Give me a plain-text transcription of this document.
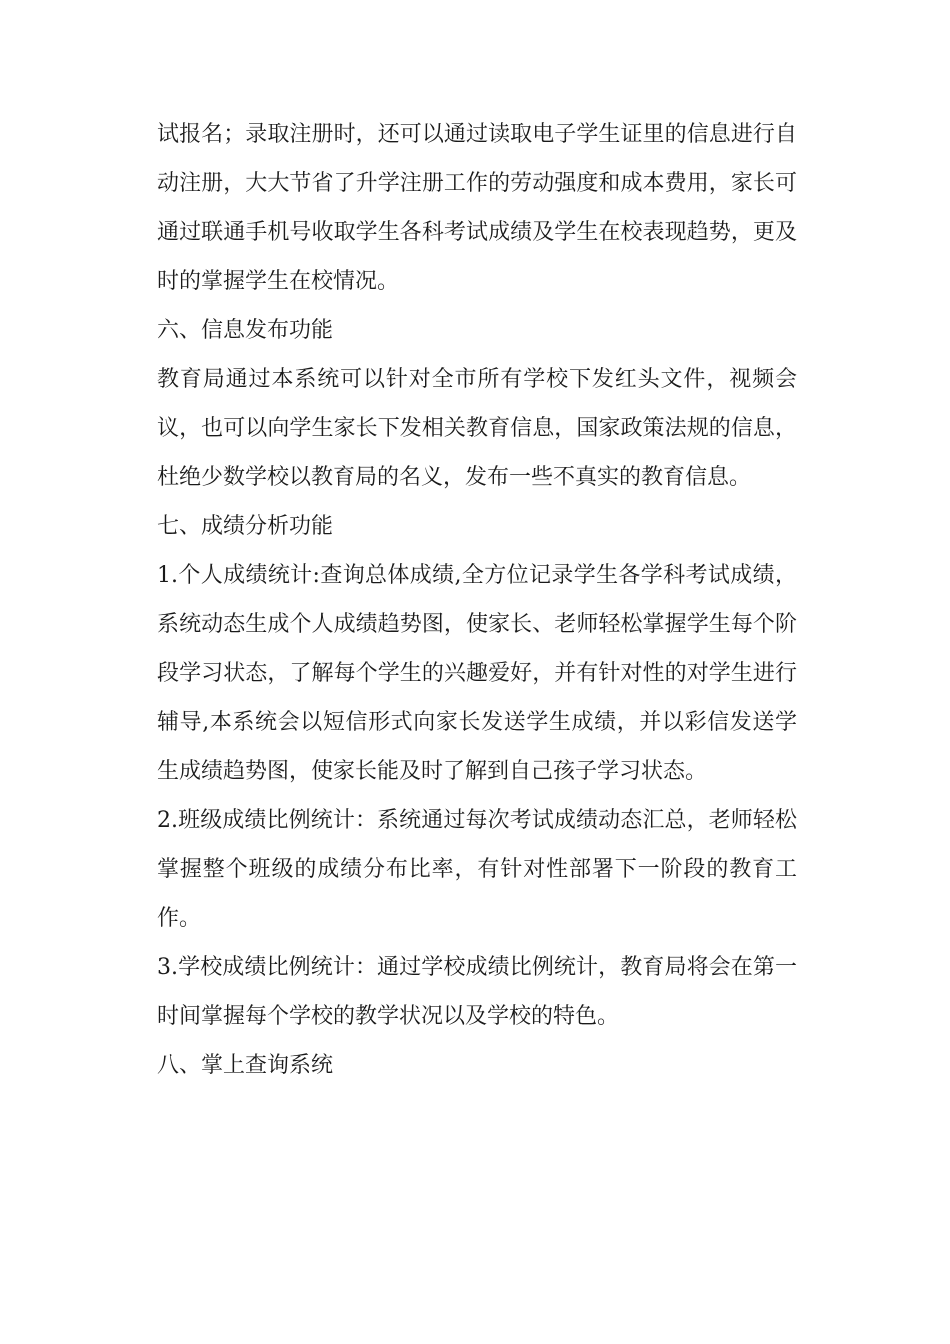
试报名；录取注册时，还可以通过读取电子学生证里的信息进行自动注册，大大节省了升学注册工作的劳动强度和成本费用，家长可通过联通手机号收取学生各科考试成绩及学生在校表现趋势，更及时的掌握学生在校情况。

六、信息发布功能

教育局通过本系统可以针对全市所有学校下发红头文件，视频会议，也可以向学生家长下发相关教育信息，国家政策法规的信息，杜绝少数学校以教育局的名义，发布一些不真实的教育信息。

七、成绩分析功能

1.个人成绩统计:查询总体成绩,全方位记录学生各学科考试成绩，系统动态生成个人成绩趋势图，使家长、老师轻松掌握学生每个阶段学习状态，了解每个学生的兴趣爱好，并有针对性的对学生进行辅导,本系统会以短信形式向家长发送学生成绩，并以彩信发送学生成绩趋势图，使家长能及时了解到自己孩子学习状态。

2.班级成绩比例统计：系统通过每次考试成绩动态汇总，老师轻松掌握整个班级的成绩分布比率，有针对性部署下一阶段的教育工作。

3.学校成绩比例统计：通过学校成绩比例统计，教育局将会在第一时间掌握每个学校的教学状况以及学校的特色。

八、掌上查询系统
